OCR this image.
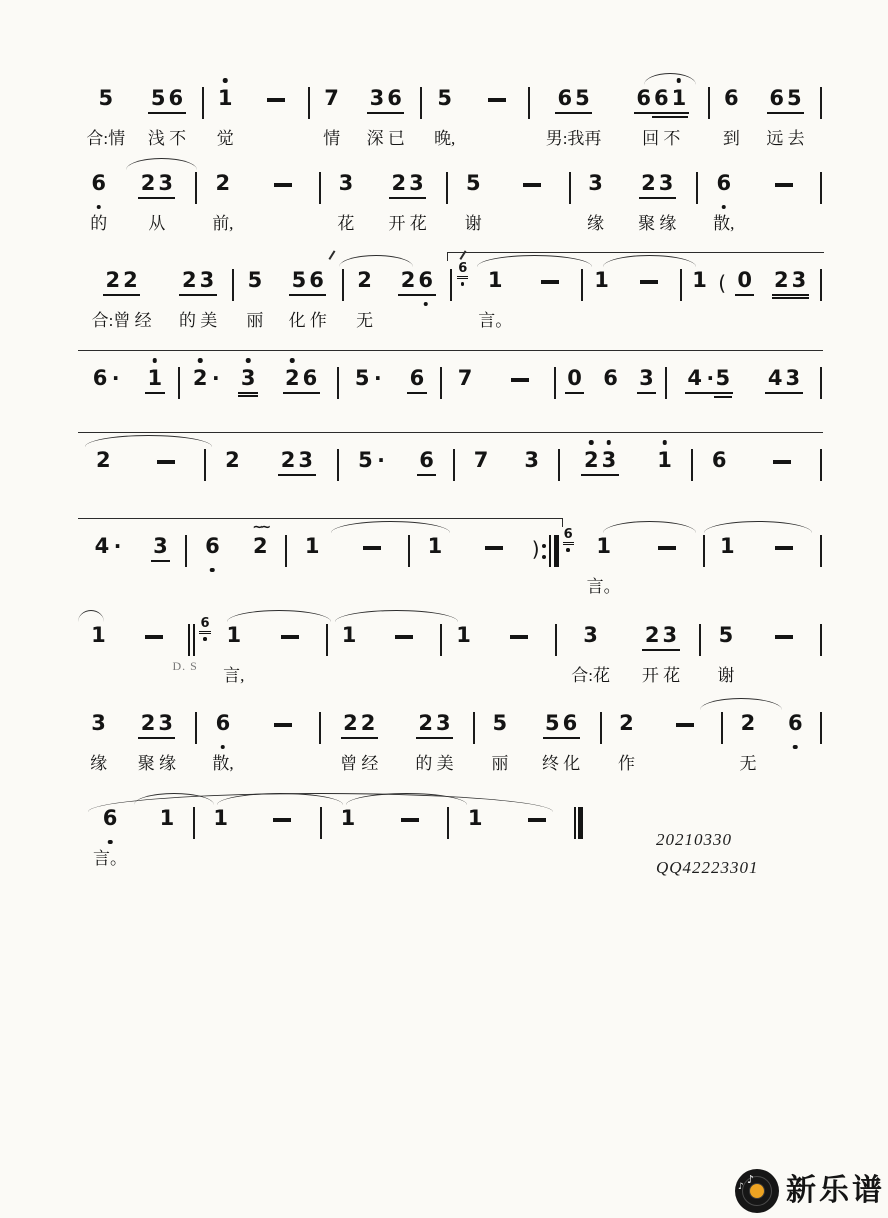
5
合:情
5 6
浅 不
1
觉
7
情
3 6
深 已
5
晚,
6 5
男:我再
6 6 1
回 不
6
到
6 5
远 去
6
的
2 3
从
2
前,
3
花
2 3
开 花
5
谢
3
缘
2 3
聚 缘
6
散,
2 2
合:曾 经
2 3
的 美
5
丽
5 6
化 作
2
无
2 6 6 1
言。
1	1 ( 0 2 3
6 · 1 2 · 3 2 6 5 · 6 7	0 6 3 4 · 5 4 3
2	2 2 3 5 · 6 7 3 2 3 1 6
4 · 3 6
∼∼
2 1	1	)
6 1
言。
1
1
D. S
6 1
言,
1	1	3
合:花
2 3
开 花
5
谢
3
缘
2 3
聚 缘
6
散,
2 2
曾 经
2 3
的 美
5
丽
5 6
终 化
2
作
2
无
6
6
言。
1 1	1	1
20210330
QQ42223301
♪
♪ 新乐谱
